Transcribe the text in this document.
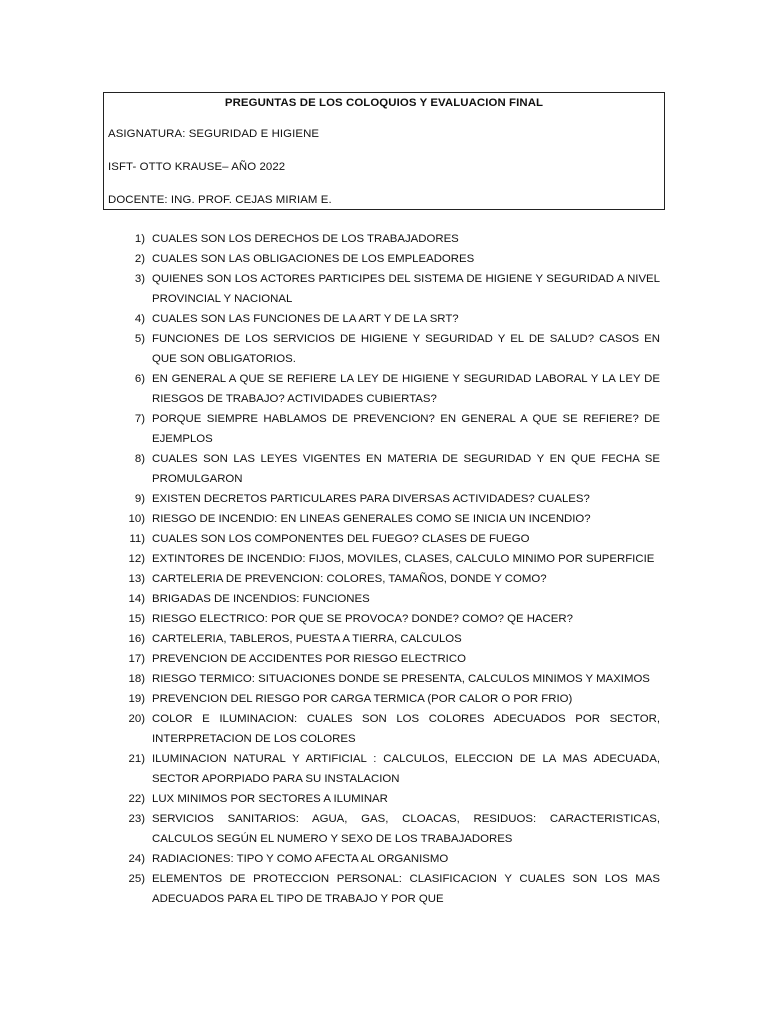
PREGUNTAS DE LOS COLOQUIOS Y EVALUACION FINAL
ASIGNATURA: SEGURIDAD E HIGIENE
ISFT- OTTO KRAUSE– AÑO 2022
DOCENTE: ING. PROF. CEJAS MIRIAM E.
1) CUALES SON LOS DERECHOS DE LOS TRABAJADORES
2) CUALES SON LAS OBLIGACIONES DE LOS EMPLEADORES
3) QUIENES SON LOS ACTORES PARTICIPES DEL SISTEMA DE HIGIENE Y SEGURIDAD A NIVEL PROVINCIAL Y NACIONAL
4) CUALES SON LAS FUNCIONES DE LA ART Y DE LA SRT?
5) FUNCIONES DE LOS SERVICIOS DE HIGIENE Y SEGURIDAD Y EL DE SALUD? CASOS EN QUE SON OBLIGATORIOS.
6) EN GENERAL A QUE SE REFIERE LA LEY DE HIGIENE Y SEGURIDAD LABORAL Y LA LEY DE RIESGOS DE TRABAJO? ACTIVIDADES CUBIERTAS?
7) PORQUE SIEMPRE HABLAMOS DE PREVENCION? EN GENERAL A QUE SE REFIERE? DE EJEMPLOS
8) CUALES SON LAS LEYES VIGENTES EN MATERIA DE SEGURIDAD Y EN QUE FECHA SE PROMULGARON
9) EXISTEN DECRETOS PARTICULARES PARA DIVERSAS ACTIVIDADES? CUALES?
10) RIESGO DE INCENDIO: EN LINEAS GENERALES COMO SE INICIA UN INCENDIO?
11) CUALES SON LOS COMPONENTES DEL FUEGO? CLASES DE FUEGO
12) EXTINTORES DE INCENDIO: FIJOS, MOVILES, CLASES, CALCULO MINIMO POR SUPERFICIE
13) CARTELERIA DE PREVENCION: COLORES, TAMAÑOS, DONDE Y COMO?
14) BRIGADAS DE INCENDIOS: FUNCIONES
15) RIESGO ELECTRICO: POR QUE SE PROVOCA? DONDE? COMO? QE HACER?
16) CARTELERIA, TABLEROS, PUESTA A TIERRA, CALCULOS
17) PREVENCION DE ACCIDENTES POR RIESGO ELECTRICO
18) RIESGO TERMICO: SITUACIONES DONDE SE PRESENTA, CALCULOS MINIMOS Y MAXIMOS
19) PREVENCION DEL RIESGO POR CARGA TERMICA (POR CALOR O POR FRIO)
20) COLOR E ILUMINACION: CUALES SON LOS COLORES ADECUADOS POR SECTOR, INTERPRETACION DE LOS COLORES
21) ILUMINACION NATURAL Y ARTIFICIAL : CALCULOS, ELECCION DE LA MAS ADECUADA, SECTOR APORPIADO PARA SU INSTALACION
22) LUX MINIMOS POR SECTORES A ILUMINAR
23) SERVICIOS SANITARIOS: AGUA, GAS, CLOACAS, RESIDUOS: CARACTERISTICAS, CALCULOS SEGÚN EL NUMERO Y SEXO DE LOS TRABAJADORES
24) RADIACIONES: TIPO Y COMO AFECTA AL ORGANISMO
25) ELEMENTOS DE PROTECCION PERSONAL: CLASIFICACION Y CUALES SON LOS MAS ADECUADOS PARA EL TIPO DE TRABAJO Y POR QUE
